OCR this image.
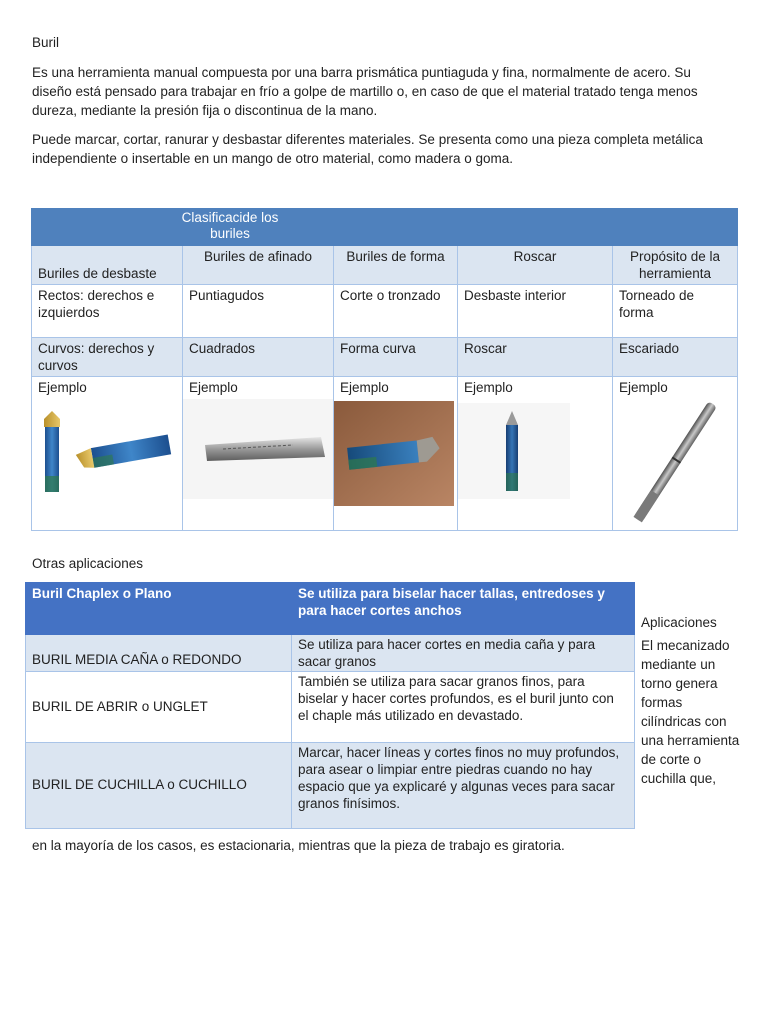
Buril
Es una herramienta manual compuesta por una barra prismática puntiaguda y fina, normalmente de acero. Su diseño está pensado para trabajar en frío a golpe de martillo o, en caso de que el material tratado tenga menos dureza, mediante la presión fija o discontinua de la mano.
Puede marcar, cortar, ranurar y desbastar diferentes materiales. Se presenta como una pieza completa metálica independiente o insertable en un mango de otro material, como madera o goma.
Clasificacide los buriles				
Buriles de desbaste	Buriles de afinado	Buriles de forma	Roscar	Propósito de la herramienta
Rectos: derechos e izquierdos	Puntiagudos	Corte o tronzado	Desbaste interior	Torneado de forma
Curvos: derechos y curvos	Cuadrados	Forma curva	Roscar	Escariado
Ejemplo	Ejemplo	Ejemplo	Ejemplo	Ejemplo
Otras aplicaciones
Buril Chaplex o Plano	Se utiliza para biselar hacer tallas, entredoses y para hacer cortes anchos
BURIL MEDIA CAÑA o REDONDO	Se utiliza para hacer cortes en media caña y para sacar granos
BURIL DE ABRIR o UNGLET	También se utiliza para sacar granos finos, para biselar y hacer cortes profundos, es el buril junto con el chaple más utilizado en devastado.
BURIL DE CUCHILLA o CUCHILLO	Marcar, hacer líneas y cortes finos no muy profundos, para asear o limpiar entre piedras cuando no hay espacio que ya explicaré y algunas veces para sacar granos finísimos.
Aplicaciones
El mecanizado mediante un torno genera formas cilíndricas con una herramienta de corte o cuchilla que,
en la mayoría de los casos, es estacionaria, mientras que la pieza de trabajo es giratoria.
